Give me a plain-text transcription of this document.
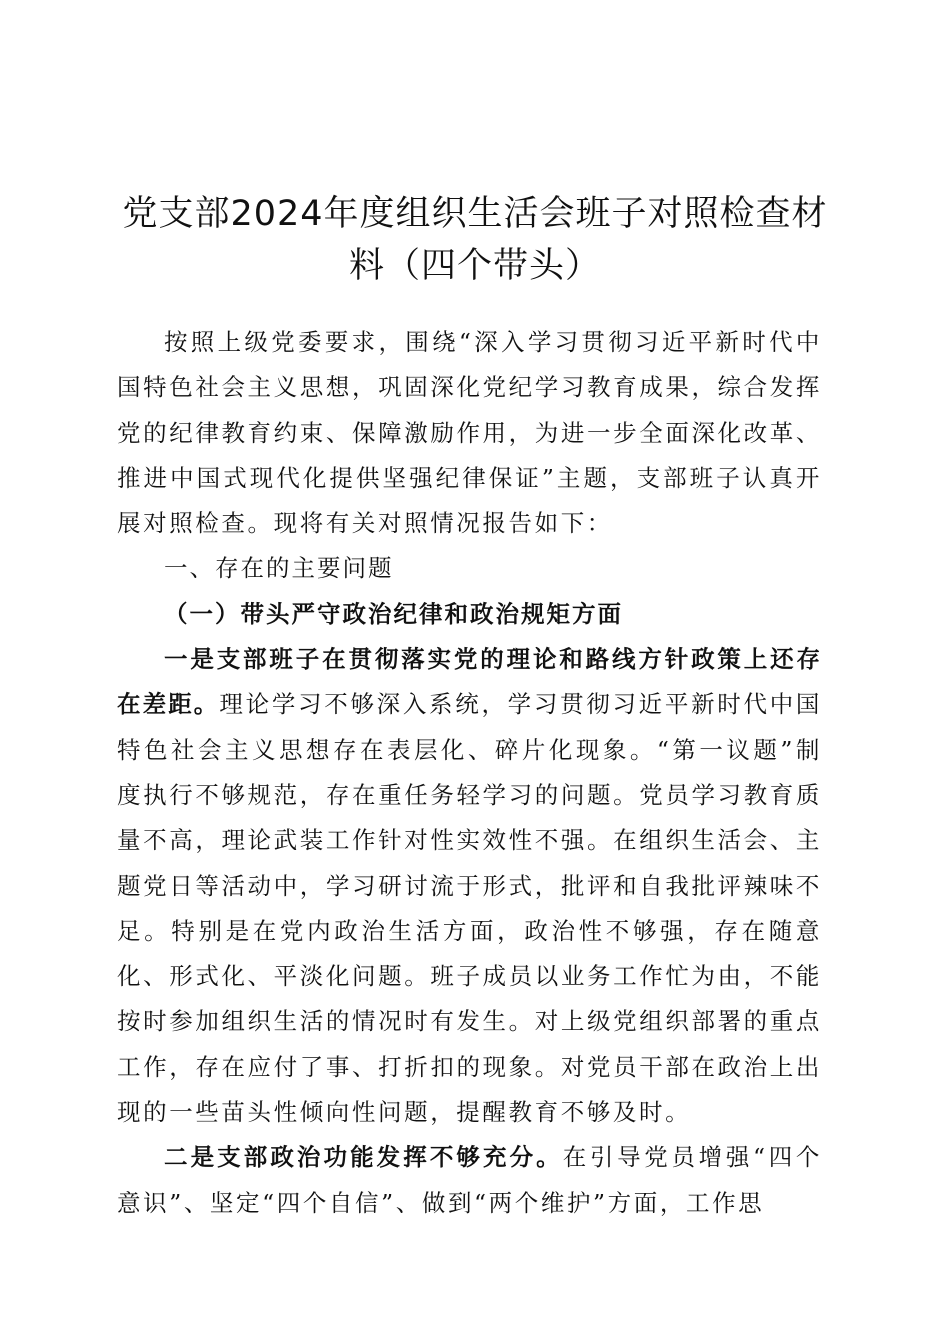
党支部2024年度组织生活会班子对照检查材料（四个带头）

按照上级党委要求，围绕“深入学习贯彻习近平新时代中国特色社会主义思想，巩固深化党纪学习教育成果，综合发挥党的纪律教育约束、保障激励作用，为进一步全面深化改革、推进中国式现代化提供坚强纪律保证”主题，支部班子认真开展对照检查。现将有关对照情况报告如下：

一、存在的主要问题

（一）带头严守政治纪律和政治规矩方面

一是支部班子在贯彻落实党的理论和路线方针政策上还存在差距。理论学习不够深入系统，学习贯彻习近平新时代中国特色社会主义思想存在表层化、碎片化现象。“第一议题”制度执行不够规范，存在重任务轻学习的问题。党员学习教育质量不高，理论武装工作针对性实效性不强。在组织生活会、主题党日等活动中，学习研讨流于形式，批评和自我批评辣味不足。特别是在党内政治生活方面，政治性不够强，存在随意化、形式化、平淡化问题。班子成员以业务工作忙为由，不能按时参加组织生活的情况时有发生。对上级党组织部署的重点工作，存在应付了事、打折扣的现象。对党员干部在政治上出现的一些苗头性倾向性问题，提醒教育不够及时。

二是支部政治功能发挥不够充分。在引导党员增强“四个意识”、坚定“四个自信”、做到“两个维护”方面，工作思
